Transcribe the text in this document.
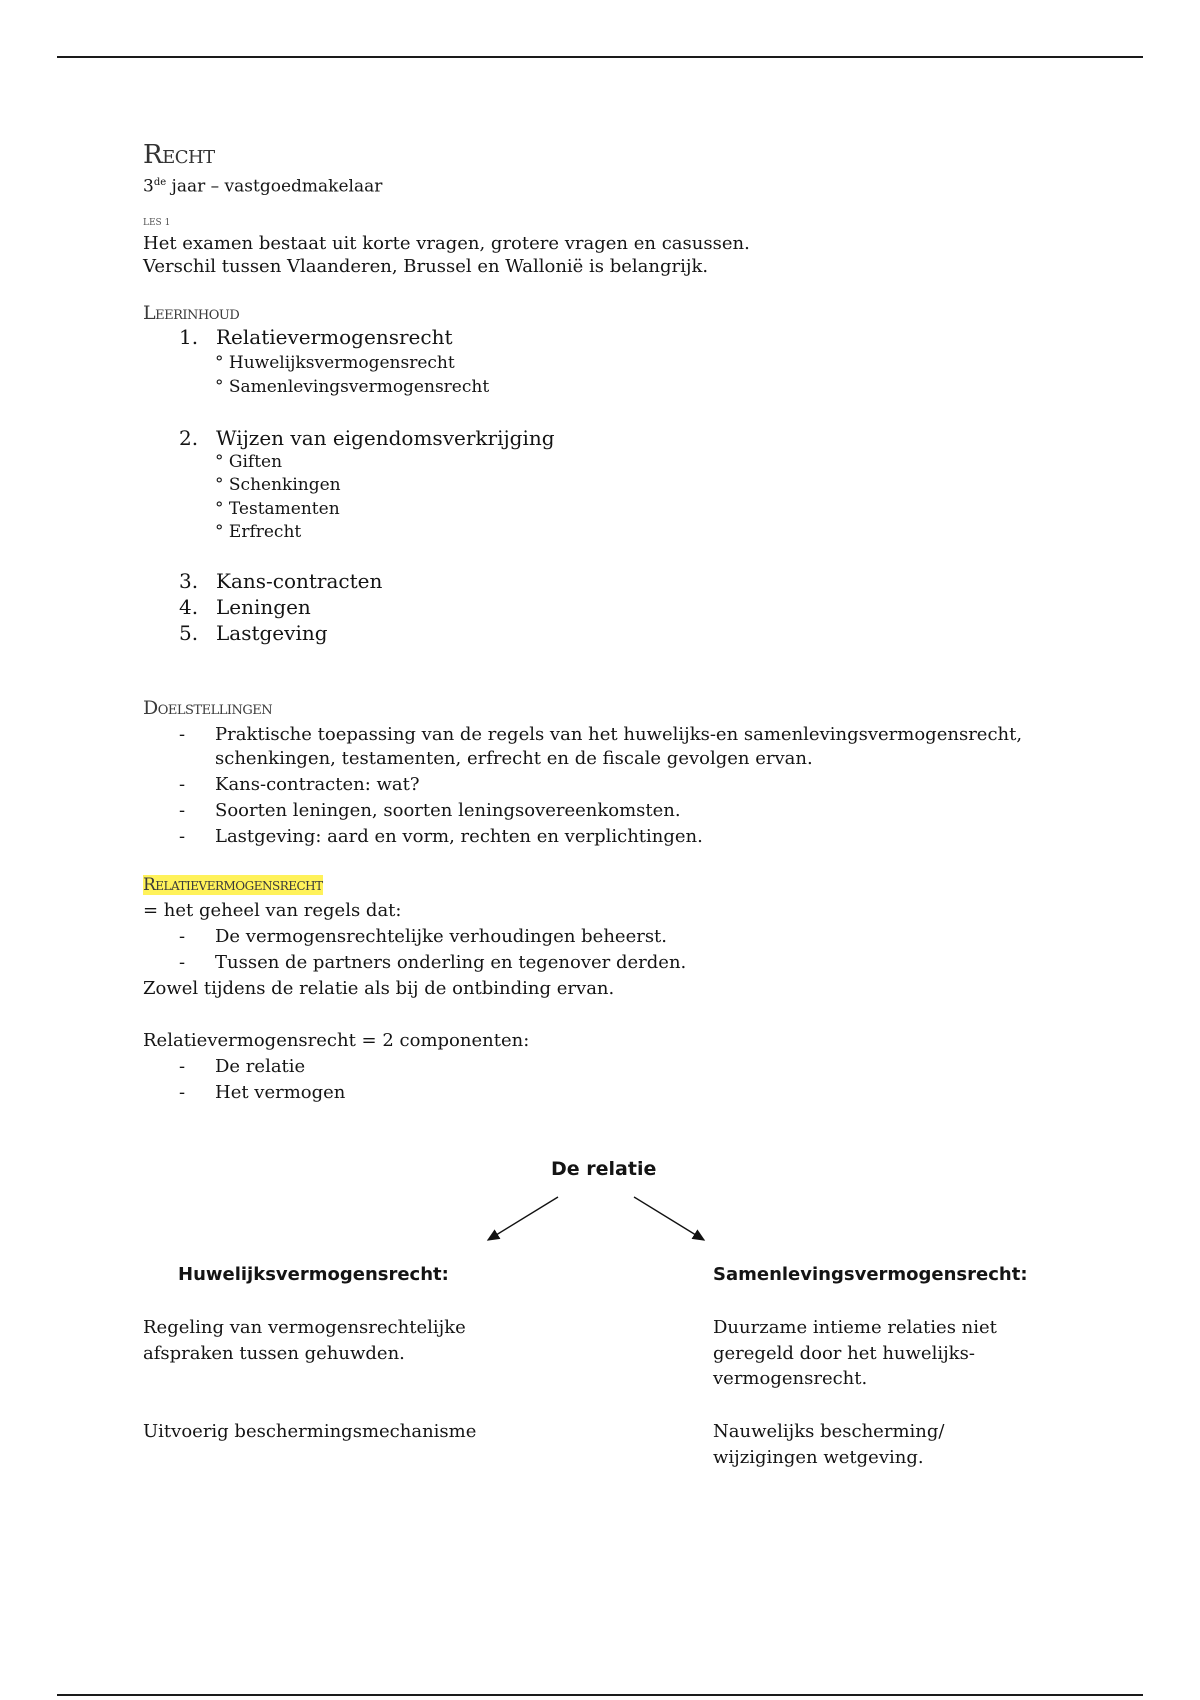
Recht
3de jaar – vastgoedmakelaar
LES 1
Het examen bestaat uit korte vragen, grotere vragen en casussen.
Verschil tussen Vlaanderen, Brussel en Wallonië is belangrijk.
Leerinhoud
1. Relatievermogensrecht
° Huwelijksvermogensrecht
° Samenlevingsvermogensrecht
2. Wijzen van eigendomsverkrijging
° Giften
° Schenkingen
° Testamenten
° Erfrecht
3. Kans-contracten
4. Leningen
5. Lastgeving
Doelstellingen
- Praktische toepassing van de regels van het huwelijks-en samenlevingsvermogensrecht,
schenkingen, testamenten, erfrecht en de fiscale gevolgen ervan.
- Kans-contracten: wat?
- Soorten leningen, soorten leningsovereenkomsten.
- Lastgeving: aard en vorm, rechten en verplichtingen.
Relatievermogensrecht
= het geheel van regels dat:
- De vermogensrechtelijke verhoudingen beheerst.
- Tussen de partners onderling en tegenover derden.
Zowel tijdens de relatie als bij de ontbinding ervan.
Relatievermogensrecht = 2 componenten:
- De relatie
- Het vermogen
De relatie
Huwelijksvermogensrecht:	Samenlevingsvermogensrecht:
Regeling van vermogensrechtelijke
afspraken tussen gehuwden.
Uitvoerig beschermingsmechanisme
Duurzame intieme relaties niet
geregeld door het huwelijks-
vermogensrecht.
Nauwelijks bescherming/
wijzigingen wetgeving.
